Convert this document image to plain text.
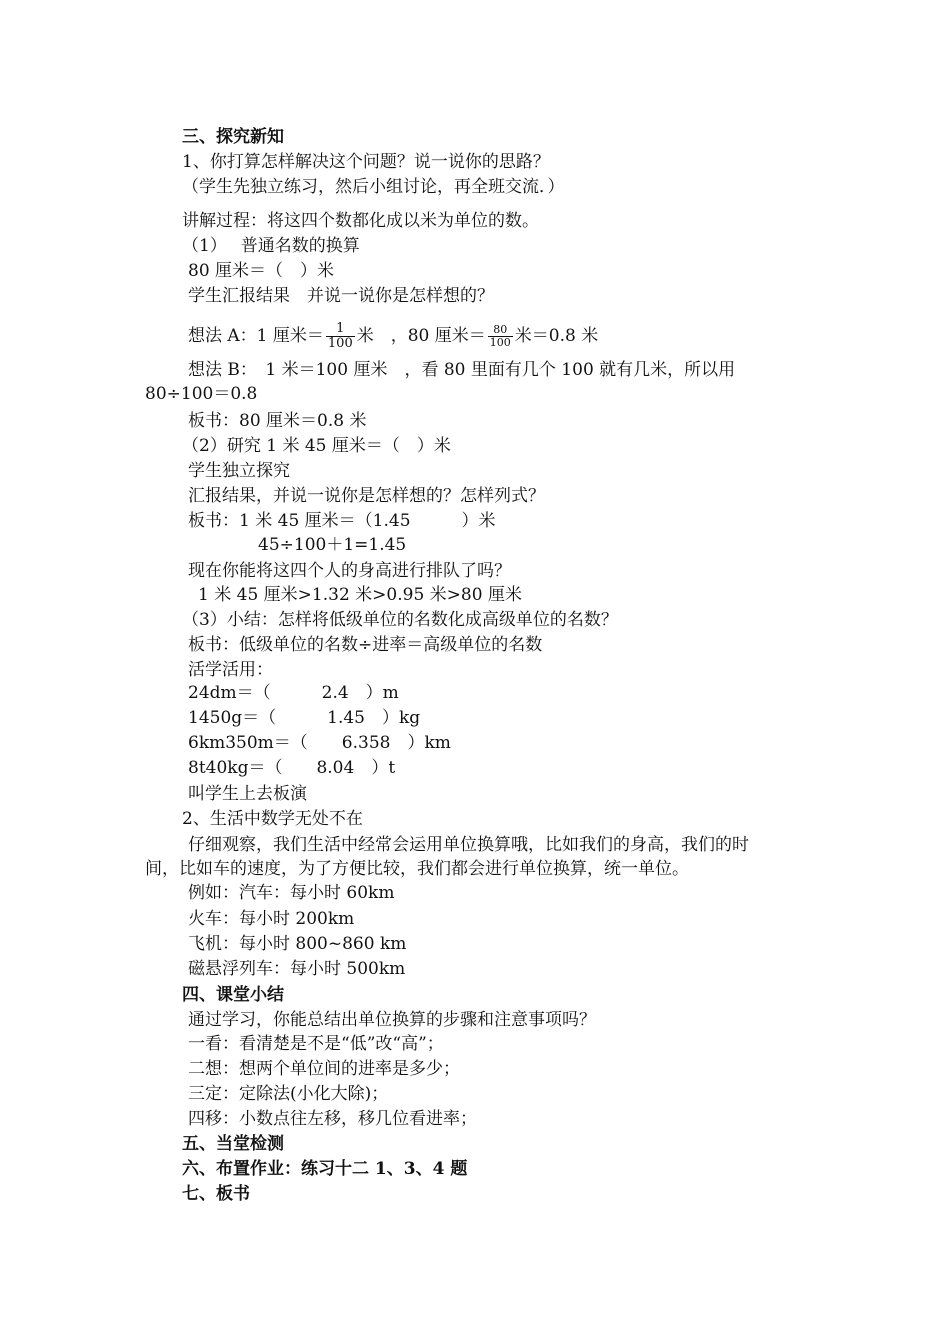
三、探究新知
1、你打算怎样解决这个问题？说一说你的思路？
（学生先独立练习，然后小组讨论，再全班交流．）
讲解过程：将这四个数都化成以米为单位的数。
（1）　 普通名数的换算
80 厘米＝（　）米
学生汇报结果　并说一说你是怎样想的？
想法 A：1 厘米＝ $\frac{1}{100}$ 米　，80 厘米＝ $\frac{80}{100}$ 米＝0.8 米
想法 B：　1 米＝100 厘米　，看 80 里面有几个 100 就有几米，所以用
80÷100＝0.8
板书：80 厘米＝0.8 米
（2）研究 1 米 45 厘米＝（　）米
学生独立探究
汇报结果，并说一说你是怎样想的？怎样列式？
板书：1 米 45 厘米＝（1.45　　　）米
45÷100＋1=1.45
现在你能将这四个人的身高进行排队了吗？
1 米 45 厘米>1.32 米>0.95 米>80 厘米
（3）小结：怎样将低级单位的名数化成高级单位的名数？
板书：低级单位的名数÷进率＝高级单位的名数
活学活用：
24dm＝（　　　2.4　）m
1450g＝（　　　1.45　）kg
6km350m＝（　　6.358　）km
8t40kg＝（　　8.04　）t
叫学生上去板演
2、生活中数学无处不在
仔细观察，我们生活中经常会运用单位换算哦，比如我们的身高，我们的时
间，比如车的速度，为了方便比较，我们都会进行单位换算，统一单位。
例如：汽车：每小时 60km
火车：每小时 200km
飞机：每小时 800~860 km
磁悬浮列车：每小时 500km
四、课堂小结
通过学习，你能总结出单位换算的步骤和注意事项吗？
一看：看清楚是不是“低”改“高”；
二想：想两个单位间的进率是多少；
三定：定除法(小化大除)；
四移：小数点往左移，移几位看进率；
五、当堂检测
六、布置作业：练习十二 1、3、4 题
七、板书
